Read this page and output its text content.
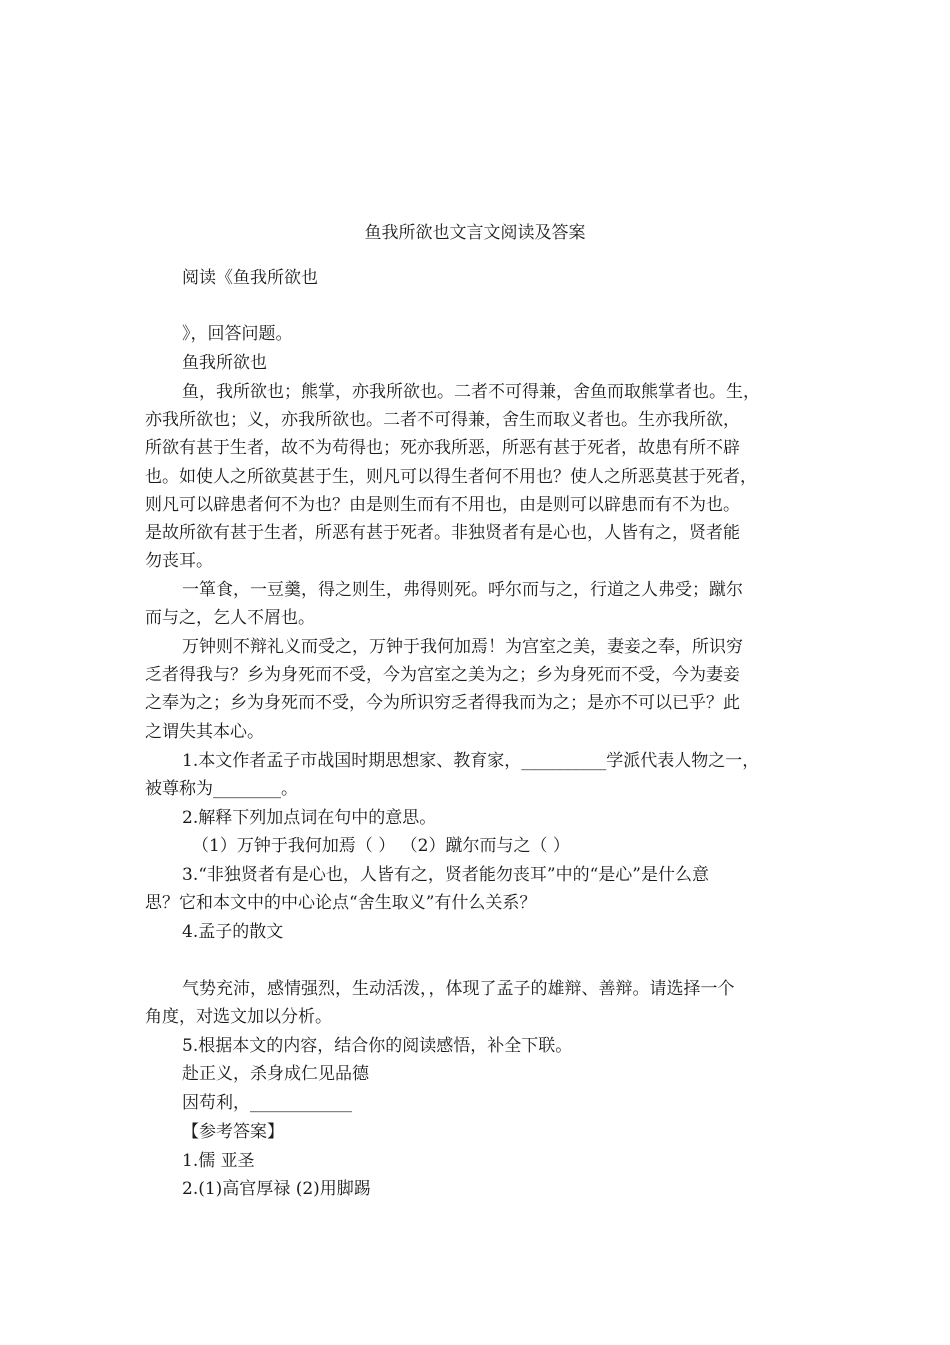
鱼我所欲也文言文阅读及答案
阅读《鱼我所欲也
》，回答问题。
鱼我所欲也
鱼，我所欲也；熊掌，亦我所欲也。二者不可得兼，舍鱼而取熊掌者也。生，
亦我所欲也；义，亦我所欲也。二者不可得兼，舍生而取义者也。生亦我所欲，
所欲有甚于生者，故不为苟得也；死亦我所恶，所恶有甚于死者，故患有所不辟
也。如使人之所欲莫甚于生，则凡可以得生者何不用也？使人之所恶莫甚于死者，
则凡可以辟患者何不为也？由是则生而有不用也，由是则可以辟患而有不为也。
是故所欲有甚于生者，所恶有甚于死者。非独贤者有是心也，人皆有之，贤者能
勿丧耳。
一箪食，一豆羹，得之则生，弗得则死。呼尔而与之，行道之人弗受；蹴尔
而与之，乞人不屑也。
万钟则不辩礼义而受之，万钟于我何加焉！为宫室之美，妻妾之奉，所识穷
乏者得我与？乡为身死而不受，今为宫室之美为之；乡为身死而不受，今为妻妾
之奉为之；乡为身死而不受，今为所识穷乏者得我而为之；是亦不可以已乎？此
之谓失其本心。
1.本文作者孟子市战国时期思想家、教育家，__________学派代表人物之一，
被尊称为________。
2.解释下列加点词在句中的意思。
（1）万钟于我何加焉（ ） （2）蹴尔而与之（ ）
3.“非独贤者有是心也，人皆有之，贤者能勿丧耳”中的“是心”是什么意
思？它和本文中的中心论点“舍生取义”有什么关系？
4.孟子的散文
气势充沛，感情强烈，生动活泼，，体现了孟子的雄辩、善辩。请选择一个
角度，对选文加以分析。
5.根据本文的内容，结合你的阅读感悟，补全下联。
赴正义，杀身成仁见品德
因苟利，____________
【参考答案】
1.儒 亚圣
2.(1)高官厚禄 (2)用脚踢
